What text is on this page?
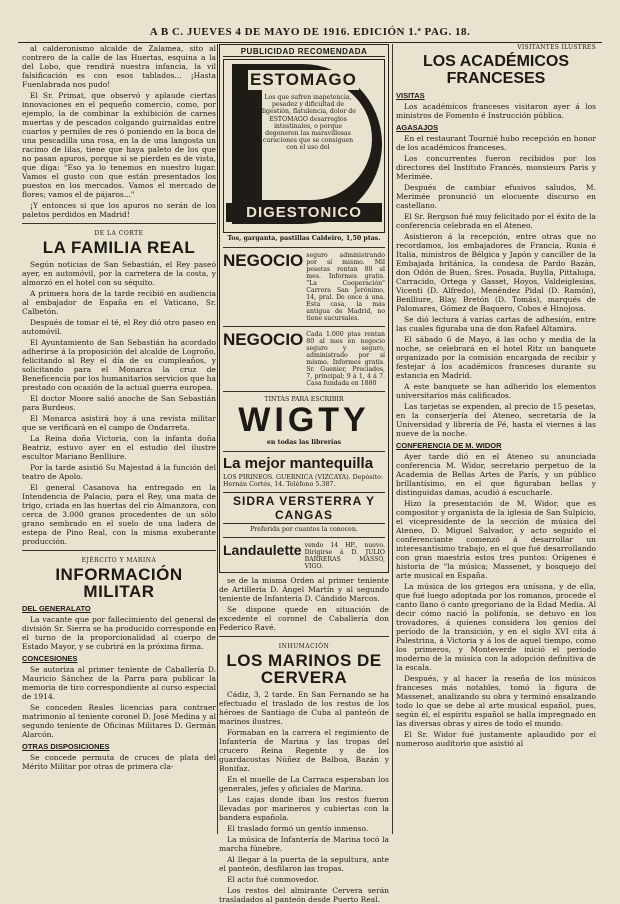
A B C. JUEVES 4 DE MAYO DE 1916. EDICIÓN 1.ª PAG. 18.

al calderonismo alcalde de Zalamea, sito al contrero de la calle de las Huertas, esquina a la del Lobo, que rendirá nuestra infancia, la vil falsificación es con esos tablados... ¡Hasta Fuenlabrada nos pudo!

El Sr. Primat, que observó y aplaude ciertas innovaciones en el pequeño comercio, como, por ejemplo, la de combinar la exhibición de carnes muertas y de pescados colgando guirnaldas entre cuartos y perniles de res ó poniendo en la boca de una pescadilla una rosa, en la de una langosta un racimo de lilas, tiene que haya paleto de los que no pasan apuros, porque si se pierden es de vista, que diga: "Eso ya lo tenemos en nuestro lugar. Vamos el gusto con que están presentados los puestos en los mercados. Vamos el mercado de flores; vamos el de pájaros..."

¡Y entonces si que los apuros no serán de los paletos perdidos en Madrid!

DE LA CORTE
LA FAMILIA REAL

Según noticias de San Sebastián, el Rey paseó ayer, en automóvil, por la carretera de la costa, y almorzó en el hotel con su séquito.

A primera hora de la tarde recibió en audiencia al embajador de España en el Vaticano, Sr. Calbetón.

Después de tomar el té, el Rey dió otro paseo en automóvil.

El Ayuntamiento de San Sebastián ha acordado adherirse á la proposición del alcalde de Logroño, felicitando al Rey el día de su cumpleaños, y solicitando para el Monarca la cruz de Beneficencia por los humanitarios servicios que ha prestado con ocasión de la actual guerra europea.

El doctor Moore salió anoche de San Sebastián para Burdeos.

El Monarca asistirá hoy á una revista militar que se verificará en el campo de Ondarreta.

La Reina doña Victoria, con la infanta doña Beatriz, estuvo ayer en el estudio del ilustre escultor Mariano Benlliure.

Por la tarde asistió Su Majestad á la función del teatro de Apolo.

El general Casanova ha entregado en la Intendencia de Palacio, para el Rey, una mata de trigo, criada en las huertas del río Almanzora, con cerca de 3.000 granos procedentes de un sólo grano sembrado en el suelo de una ladera de estepa de Pino Real, con la misma exuberante producción.

EJÉRCITO Y MARINA
INFORMACIÓN MILITAR
DEL GENERALATO

La vacante que por fallecimiento del general de división Sr. Sierra se ha producido corresponde en el turno de la proporcionalidad al cuerpo de Estado Mayor, y se cubrirá en la próxima firma.

CONCESIONES

Se autoriza al primer teniente de Caballería D. Mauricio Sánchez de la Parra para publicar la memoria de tiro correspondiente al curso especial de 1914.

Se conceden Reales licencias para contraer matrimonio al teniente coronel D. José Medina y al segundo teniente de Oficinas Militares D. Germán Alarcón.

OTRAS DISPOSICIONES

Se concede permuta de cruces de plata del Mérito Militar por otras de primera cla-

PUBLICIDAD RECOMENDADA
ESTOMAGO
Los que sufren inapetencia, pesadez y dificultad de digestión, flatulencia, dolor de ESTOMAGO desarreglos intestinales, o porque degeneren las maravillosas curaciones que se consiguen con el uso del
DIGESTONICO
Tos, garganta, pastillas Caldeiro, 1,50 ptas.
NEGOCIO seguro administrando por sí mismo. Mil pesetas rentan 80 al mes. Informes gratis. "La Cooperación" Carrera San Jerónimo, 14, pral. De once á una. Esta casa, la más antigua de Madrid, no tiene sucursales.
NEGOCIO Cada 1.000 ptas rentan 80 al mes en negocio seguro y seguro, administrado por sí mismo. Informes gratis. Sr. Guenier, Preciados, 7, principal; 9 á 1, 4 á 7. Casa fundada en 1880
TINTAS PARA ESCRIBIR
WIGTY
en todas las librerías
La mejor mantequilla
LOS PIRINEOS. GUERNICA (VIZCAYA). Depósito: Hernán Cortés, 14. Teléfono 5.387.
SIDRA VERSTERRA Y CANGAS
Preferida por cuantos la conocen.
Landaulette vendo 14 HP., nuevo. Dirigirse á D. JULIO BARRERAS MASSÓ, VIGO.

se de la misma Orden al primer teniente de Artillería D. Ángel Martín y al segundo teniente de Infantería D. Cándido Marcos.

Se dispone quede en situación de excedente el coronel de Caballería don Federico Ravé.

INHUMACIÓN
LOS MARINOS DE CERVERA

Cádiz, 3, 2 tarde. En San Fernando se ha efectuado el traslado de los restos de los héroes de Santiago de Cuba al panteón de marinos ilustres.

Formaban en la carrera el regimiento de Infantería de Marina y las tropas del crucero Reina Regente y de los guardacostas Núñez de Balboa, Bazán y Bonifaz.

En el muelle de La Carraca esperaban los generales, jefes y oficiales de Marina.

Las cajas donde iban los restos fueron llevadas por marineros y cubiertas con la bandera española.

El traslado formó un gentío inmenso.

La música de Infantería de Marina tocó la marcha fúnebre.

Al llegar á la puerta de la sepultura, ante el panteón, desfilaron las tropas.

El acto fué conmovedor.

Los restos del almirante Cervera serán trasladados al panteón desde Puerto Real.

VISITANTES ILUSTRES
LOS ACADÉMICOS FRANCESES
VISITAS

Los académicos franceses visitaron ayer á los ministros de Fomento é Instrucción pública.

AGASAJOS

En el restaurant Tournié hubo recepción en honor de los académicos franceses.

Los concurrentes fueron recibidos por los directores del Instituto Francés, monsieurs Paris y Merimée.

Después de cambiar efusivos saludos, M. Merimée pronunció un elocuente discurso en castellano.

El Sr. Bergson fué muy felicitado por el éxito de la conferencia celebrada en el Ateneo.

Asistieron á la recepción, entre otras que no recordamos, los embajadores de Francia, Rusia é Italia, ministros de Bélgica y Japón y canciller de la Embajada británica, la condesa de Pardo Bazán, don Odón de Buen, Sres. Posada, Buylla, Pittaluga, Carracido, Ortega y Gasset, Hoyos, Valdeiglesias, Vicenti (D. Alfredo), Menéndez Pidal (D. Ramón), Benlliure, Blay, Bretón (D. Tomás), marqués de Palomares, Gómez de Baquero, Cobos é Hinojosa.

Se dió lectura á varias cartas de adhesión, entre las cuales figuraba una de don Rafael Altamira.

El sábado 6 de Mayo, á las ocho y media de la noche, se celebrará en el hotel Ritz un banquete organizado por la comisión encargada de recibir y festejar á los académicos franceses durante su estancia en Madrid.

A este banquete se han adherido los elementos universitarios más calificados.

Las tarjetas se expenden, al precio de 15 pesetas, en la conserjería del Ateneo, secretaría de la Universidad y librería de Fé, hasta el viernes á las nueve de la noche.

CONFERENCIA DE M. WIDOR

Ayer tarde dió en el Ateneo su anunciada conferencia M. Widor, secretario perpetuo de la Academia de Bellas Artes de París, y un público brillantísimo, en el que figuraban bellas y distinguidas damas, acudió á escucharle.

Hizo la presentación de M. Widor, que es compositor y organista de la iglesia de San Sulpicio, el vicepresidente de la sección de música del Ateneo, D. Miguel Salvador, y acto seguido el conferenciante comenzó á desarrollar un interesantísimo trabajo, en el que fué desarrollando con gran maestría estos tres puntos: Orígenes é historia de "la música; Massenet, y bosquejo del arte musical en España.

La música de los griegos era unísona, y de ella, que fué luego adoptada por los romanos, procede el canto llano ó canto gregoriano de la Edad Media. Al decir cómo nació la polifonía, se detuvo en los trovadores, á quienes considera los genios del período de la transición, y en el siglo XVI cita á Palestrina, á Victoria y á los de aquel tiempo, como los primeros, y Monteverde inició el período moderno de la música con la adopción definitiva de la escala.

Después, y al hacer la reseña de los músicos franceses más notables, tomó la figura de Massenet, analizando su obra y terminó ensalzando todo lo que se debe al arte musical español, pues, según él, el espíritu español se halla impregnado en las diversas obras y aires de todo el mundo.

El Sr. Widor fué justamente aplaudido por el numeroso auditorio que asistió al
